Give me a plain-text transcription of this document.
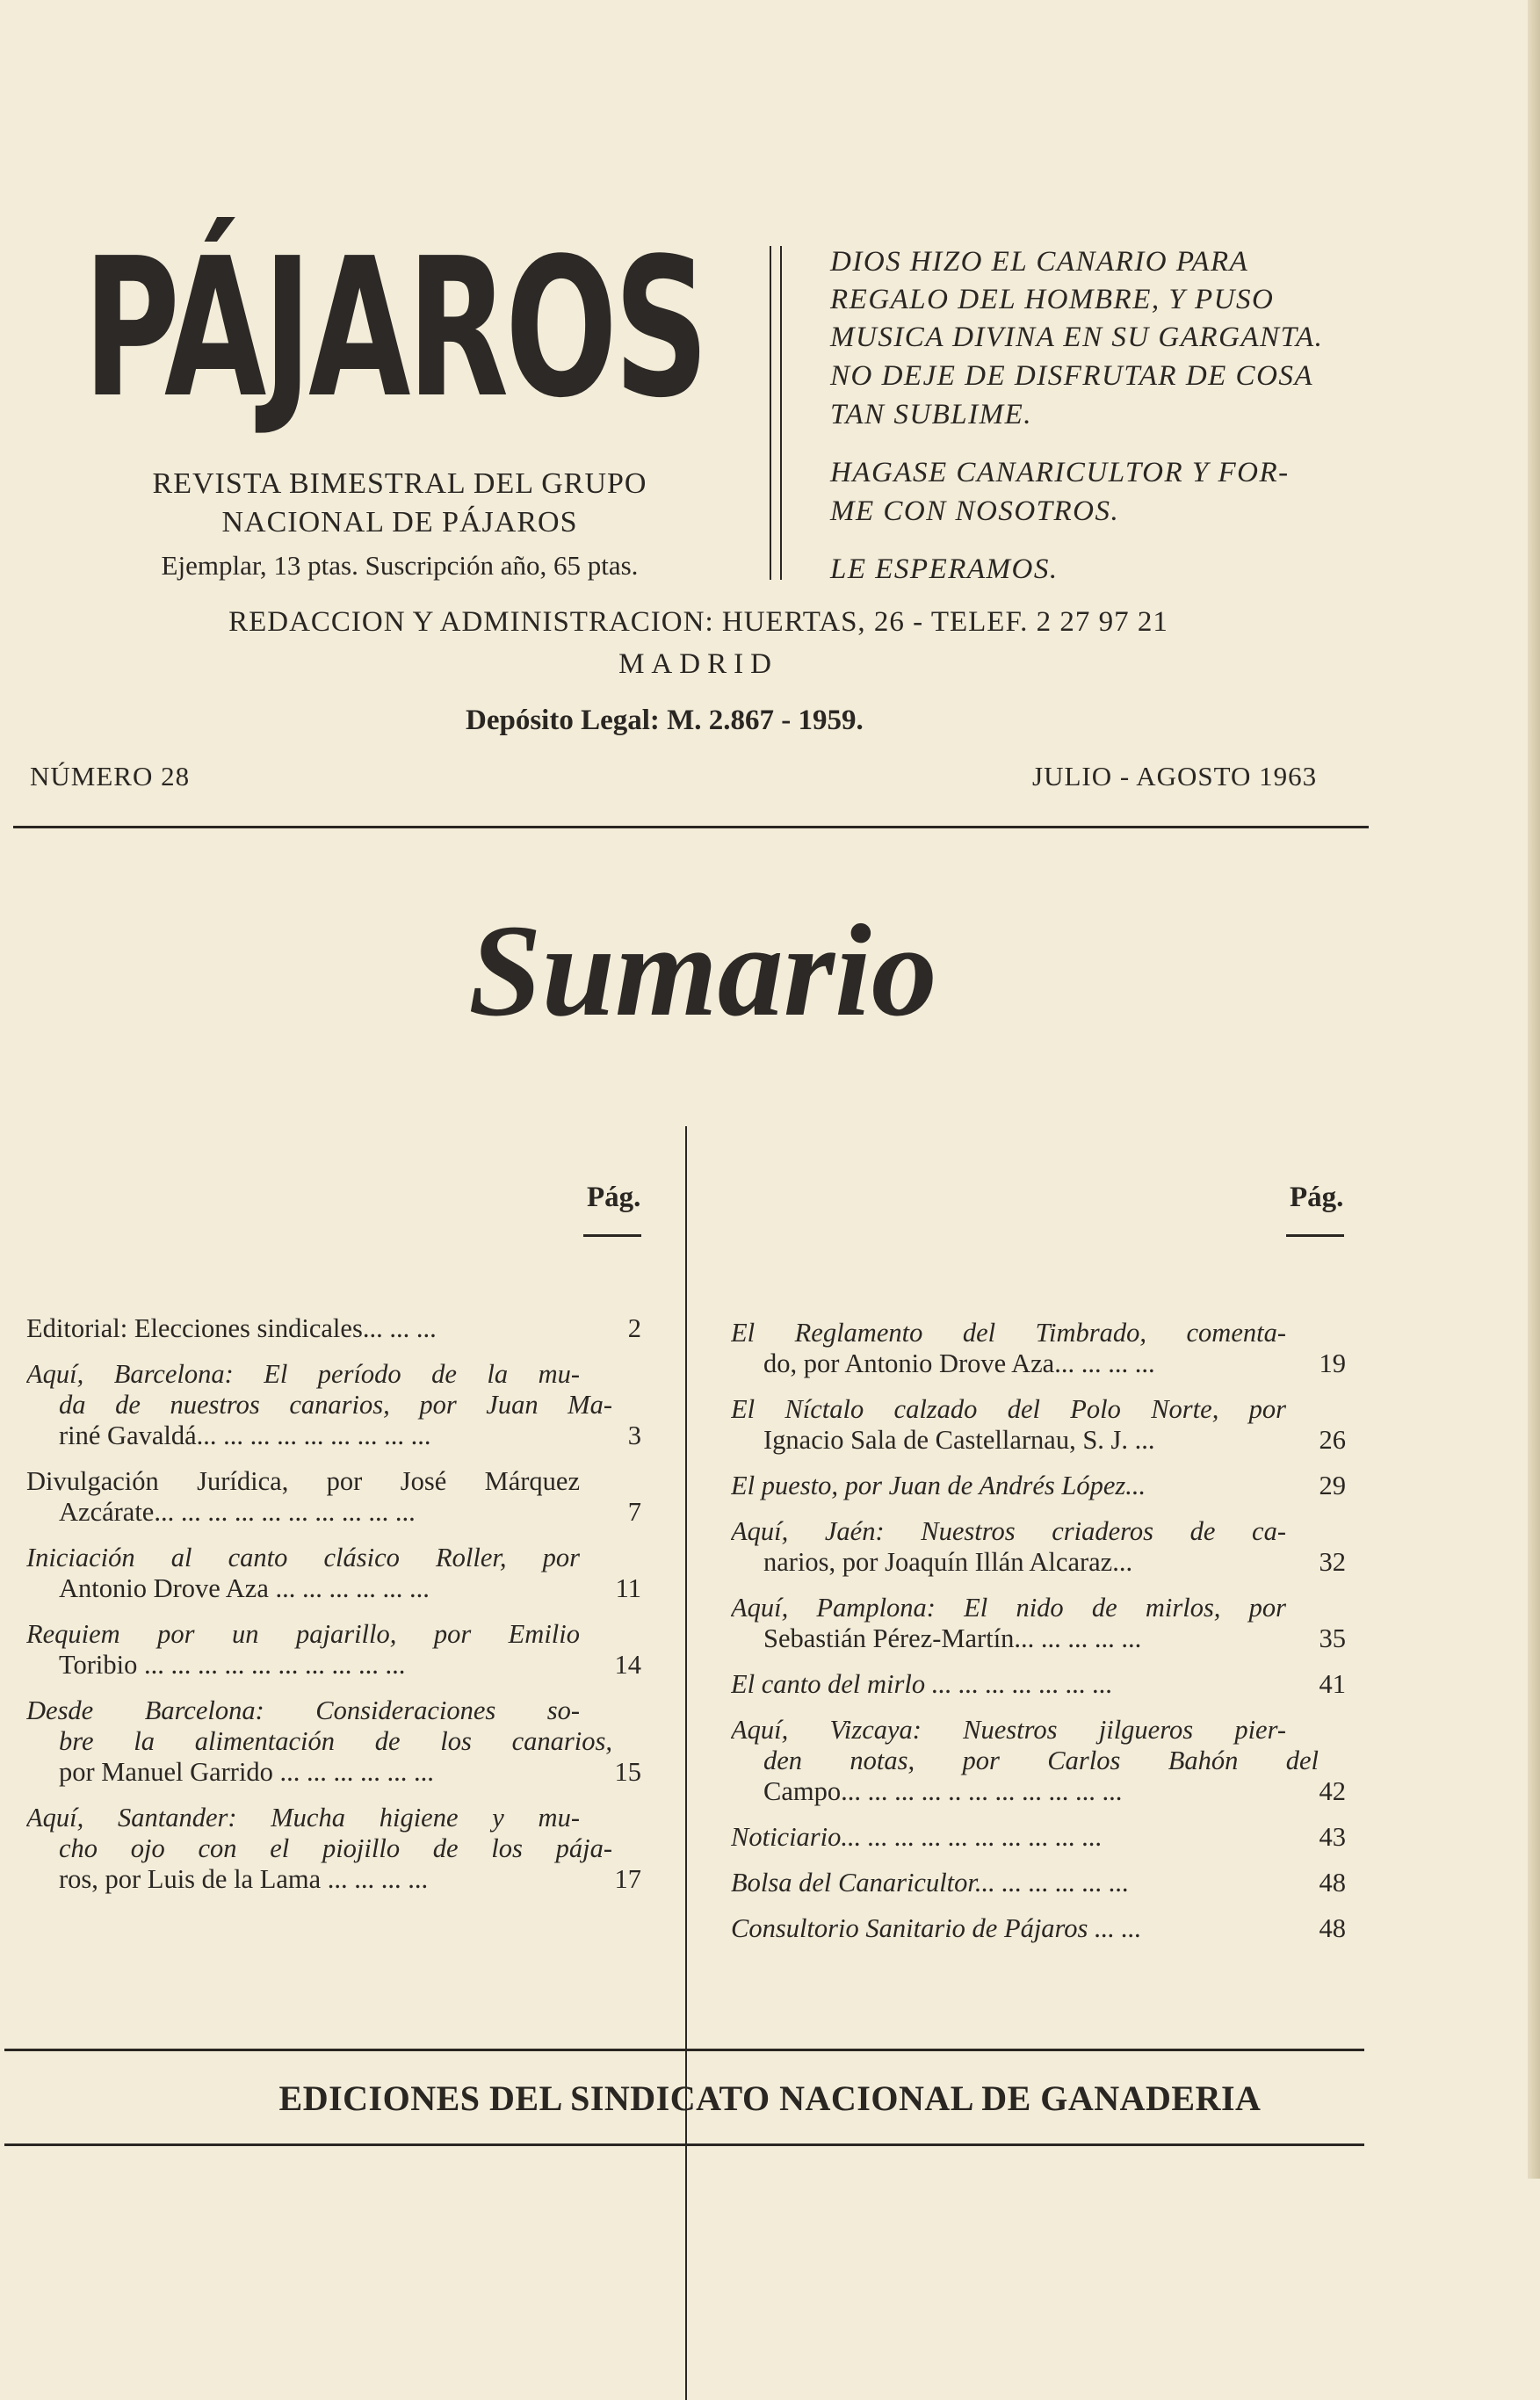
PÁJAROS
REVISTA BIMESTRAL DEL GRUPO
NACIONAL DE PÁJAROS
Ejemplar, 13 ptas. Suscripción año, 65 ptas.
DIOS HIZO EL CANARIO PARA
REGALO DEL HOMBRE, Y PUSO
MUSICA DIVINA EN SU GARGANTA.
NO DEJE DE DISFRUTAR DE COSA
TAN SUBLIME.
HAGASE CANARICULTOR Y FOR-
ME CON NOSOTROS.
LE ESPERAMOS.
REDACCION Y ADMINISTRACION: HUERTAS, 26 - TELEF. 2 27 97 21
MADRID
Depósito Legal: M. 2.867 - 1959.
NÚMERO 28	JULIO - AGOSTO 1963
Sumario
Pág.	Pág.
Editorial: Elecciones sindicales... ... ...	2
Aquí, Barcelona: El período de la mu-
da de nuestros canarios, por Juan Ma-
riné Gavaldá... ... ... ... ... ... ... ... ...	3
Divulgación Jurídica, por José Márquez
Azcárate... ... ... ... ... ... ... ... ... ...	7
Iniciación al canto clásico Roller, por
Antonio Drove Aza ... ... ... ... ... ...	11
Requiem por un pajarillo, por Emilio
Toribio ... ... ... ... ... ... ... ... ... ...	14
Desde Barcelona: Consideraciones so-
bre la alimentación de los canarios,
por Manuel Garrido ... ... ... ... ... ...	15
Aquí, Santander: Mucha higiene y mu-
cho ojo con el piojillo de los pája-
ros, por Luis de la Lama ... ... ... ...	17
El Reglamento del Timbrado, comenta-
do, por Antonio Drove Aza... ... ... ...	19
El Níctalo calzado del Polo Norte, por
Ignacio Sala de Castellarnau, S. J. ...	26
El puesto, por Juan de Andrés López...	29
Aquí, Jaén: Nuestros criaderos de ca-
narios, por Joaquín Illán Alcaraz...	32
Aquí, Pamplona: El nido de mirlos, por
Sebastián Pérez-Martín... ... ... ... ...	35
El canto del mirlo ... ... ... ... ... ... ...	41
Aquí, Vizcaya: Nuestros jilgueros pier-
den notas, por Carlos Bahón del
Campo... ... ... ... .. ... ... ... ... ... ...	42
Noticiario... ... ... ... ... ... ... ... ... ...	43
Bolsa del Canaricultor... ... ... ... ... ...	48
Consultorio Sanitario de Pájaros ... ...	48
EDICIONES DEL SINDICATO NACIONAL DE GANADERIA
